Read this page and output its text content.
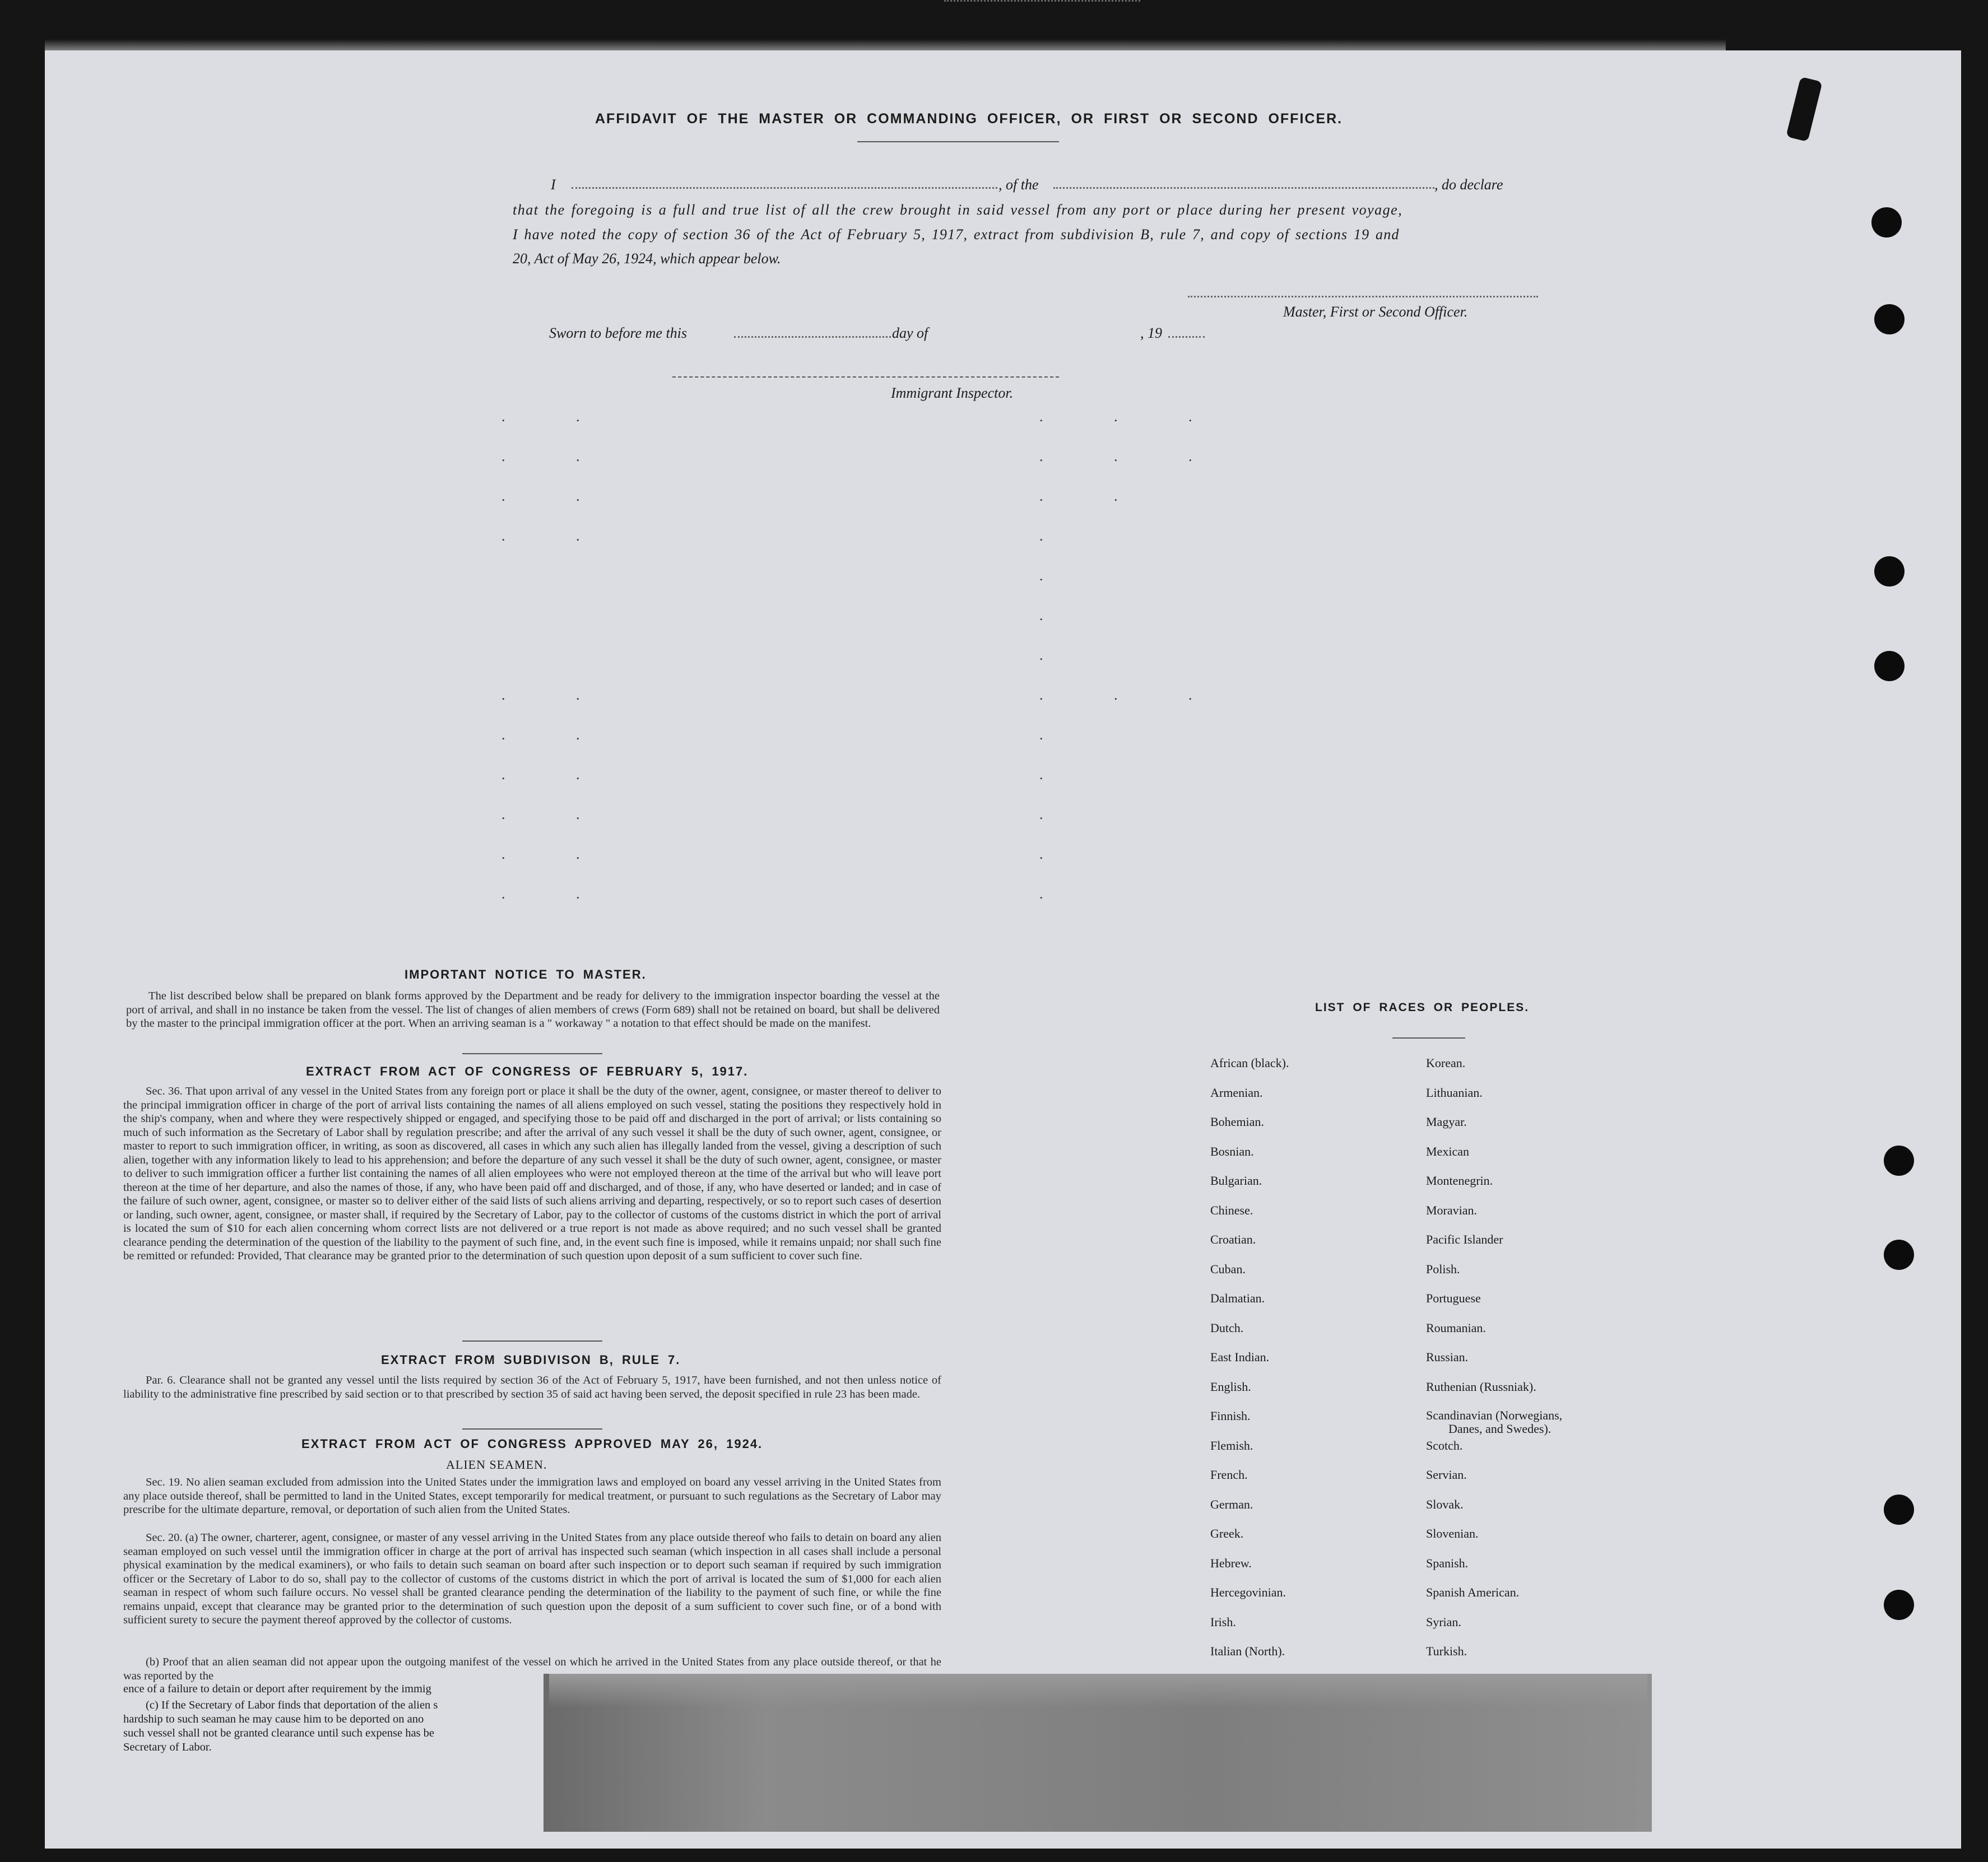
AFFIDAVIT OF THE MASTER OR COMMANDING OFFICER, OR FIRST OR SECOND OFFICER.
I	, of the	, do declare
that the foregoing is a full and true list of all the crew brought in said vessel from any port or place during her present voyage,
I have noted the copy of section 36 of the Act of February 5, 1917, extract from subdivision B, rule 7, and copy of sections 19 and
20, Act of May 26, 1924, which appear below.
Master, First or Second Officer.
Sworn to before me this	day of	, 19
Immigrant Inspector.
. .
. .
. .
. .

. .
. .
. .
. .
. .
. .
. . .
. . .
. .
.
.
.
.
. . .
.
.
.
.
.
IMPORTANT NOTICE TO MASTER.
The list described below shall be prepared on blank forms approved by the Department and be ready for delivery to the immigration inspector boarding the vessel at the port of arrival, and shall in no instance be taken from the vessel. The list of changes of alien members of crews (Form 689) shall not be retained on board, but shall be delivered by the master to the principal immigration officer at the port. When an arriving seaman is a " workaway " a notation to that effect should be made on the manifest.
EXTRACT FROM ACT OF CONGRESS OF FEBRUARY 5, 1917.
Sec. 36. That upon arrival of any vessel in the United States from any foreign port or place it shall be the duty of the owner, agent, consignee, or master thereof to deliver to the principal immigration officer in charge of the port of arrival lists containing the names of all aliens employed on such vessel, stating the positions they respectively hold in the ship's company, when and where they were respectively shipped or engaged, and specifying those to be paid off and discharged in the port of arrival; or lists containing so much of such information as the Secretary of Labor shall by regulation prescribe; and after the arrival of any such vessel it shall be the duty of such owner, agent, consignee, or master to report to such immigration officer, in writing, as soon as discovered, all cases in which any such alien has illegally landed from the vessel, giving a description of such alien, together with any information likely to lead to his apprehension; and before the departure of any such vessel it shall be the duty of such owner, agent, consignee, or master to deliver to such immigration officer a further list containing the names of all alien employees who were not employed thereon at the time of the arrival but who will leave port thereon at the time of her departure, and also the names of those, if any, who have been paid off and discharged, and of those, if any, who have deserted or landed; and in case of the failure of such owner, agent, consignee, or master so to deliver either of the said lists of such aliens arriving and departing, respectively, or so to report such cases of desertion or landing, such owner, agent, consignee, or master shall, if required by the Secretary of Labor, pay to the collector of customs of the customs district in which the port of arrival is located the sum of $10 for each alien concerning whom correct lists are not delivered or a true report is not made as above required; and no such vessel shall be granted clearance pending the determination of the question of the liability to the payment of such fine, and, in the event such fine is imposed, while it remains unpaid; nor shall such fine be remitted or refunded: Provided, That clearance may be granted prior to the determination of such question upon deposit of a sum sufficient to cover such fine.
EXTRACT FROM SUBDIVISON B, RULE 7.
Par. 6. Clearance shall not be granted any vessel until the lists required by section 36 of the Act of February 5, 1917, have been furnished, and not then unless notice of liability to the administrative fine prescribed by said section or to that prescribed by section 35 of said act having been served, the deposit specified in rule 23 has been made.
EXTRACT FROM ACT OF CONGRESS APPROVED MAY 26, 1924.
ALIEN SEAMEN.
Sec. 19. No alien seaman excluded from admission into the United States under the immigration laws and employed on board any vessel arriving in the United States from any place outside thereof, shall be permitted to land in the United States, except temporarily for medical treatment, or pursuant to such regulations as the Secretary of Labor may prescribe for the ultimate departure, removal, or deportation of such alien from the United States.
Sec. 20. (a) The owner, charterer, agent, consignee, or master of any vessel arriving in the United States from any place outside thereof who fails to detain on board any alien seaman employed on such vessel until the immigration officer in charge at the port of arrival has inspected such seaman (which inspection in all cases shall include a personal physical examination by the medical examiners), or who fails to detain such seaman on board after such inspection or to deport such seaman if required by such immigration officer or the Secretary of Labor to do so, shall pay to the collector of customs of the customs district in which the port of arrival is located the sum of $1,000 for each alien seaman in respect of whom such failure occurs. No vessel shall be granted clearance pending the determination of the liability to the payment of such fine, or while the fine remains unpaid, except that clearance may be granted prior to the determination of such question upon the deposit of a sum sufficient to cover such fine, or of a bond with sufficient surety to secure the payment thereof approved by the collector of customs.
(b) Proof that an alien seaman did not appear upon the outgoing manifest of the vessel on which he arrived in the United States from any place outside thereof, or that he was reported by the
ence of a failure to detain or deport after requirement by the immig
(c) If the Secretary of Labor finds that deportation of the alien s
hardship to such seaman he may cause him to be deported on ano
such vessel shall not be granted clearance until such expense has be
Secretary of Labor.
LIST OF RACES OR PEOPLES.
African (black).
Armenian.
Bohemian.
Bosnian.
Bulgarian.
Chinese.
Croatian.
Cuban.
Dalmatian.
Dutch.
East Indian.
English.
Finnish.
Flemish.
French.
German.
Greek.
Hebrew.
Hercegovinian.
Irish.
Italian (North).
Korean.
Lithuanian.
Magyar.
Mexican
Montenegrin.
Moravian.
Pacific Islander
Polish.
Portuguese
Roumanian.
Russian.
Ruthenian (Russniak).
Scandinavian (Norwegians,
Danes, and Swedes).
Scotch.
Servian.
Slovak.
Slovenian.
Spanish.
Spanish American.
Syrian.
Turkish.
